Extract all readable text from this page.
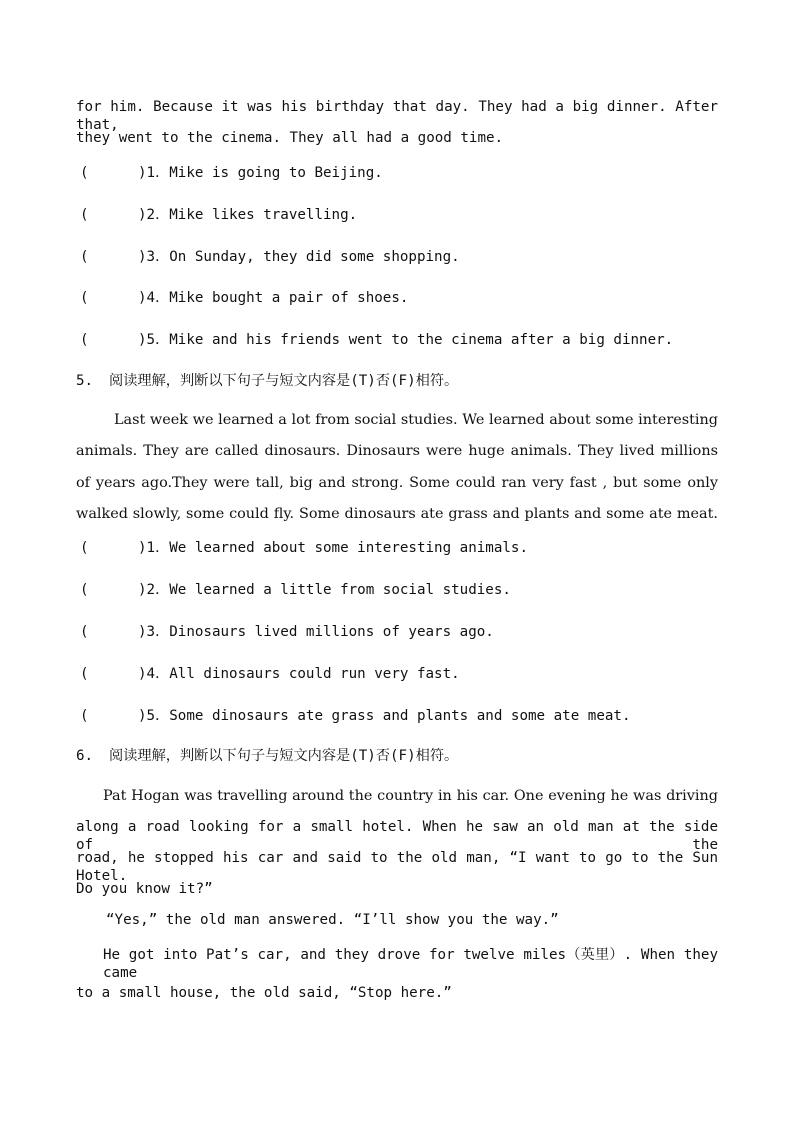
for him. Because it was his birthday that day. They had a big dinner. After that,
they went to the cinema. They all had a good time.
(	)1．Mike is going to Beijing.
(	)2．Mike likes travelling.
(	)3．On Sunday, they did some shopping.
(	)4．Mike bought a pair of shoes.
(	)5．Mike and his friends went to the cinema after a big dinner.
5. 阅读理解，判断以下句子与短文内容是(T)否(F)相符。
Last week we learned a lot from social studies. We learned about some interesting
animals. They are called dinosaurs. Dinosaurs were huge animals. They lived millions
of years ago.They were tall, big and strong. Some could ran very fast , but some only
walked slowly, some could fly. Some dinosaurs ate grass and plants and some ate meat.
(	)1．We learned about some interesting animals.
(	)2．We learned a little from social studies.
(	)3．Dinosaurs lived millions of years ago.
(	)4．All dinosaurs could run very fast.
(	)5．Some dinosaurs ate grass and plants and some ate meat.
6. 阅读理解，判断以下句子与短文内容是(T)否(F)相符。
Pat Hogan was travelling around the country in his car. One evening he was driving
along a road looking for a small hotel. When he saw an old man at the side of the
road, he stopped his car and said to the old man, “I want to go to the Sun Hotel.
Do you know it?”
“Yes,” the old man answered. “I’ll show you the way.”
He got into Pat’s car, and they drove for twelve miles（英里）. When they came
to a small house, the old said, “Stop here.”
